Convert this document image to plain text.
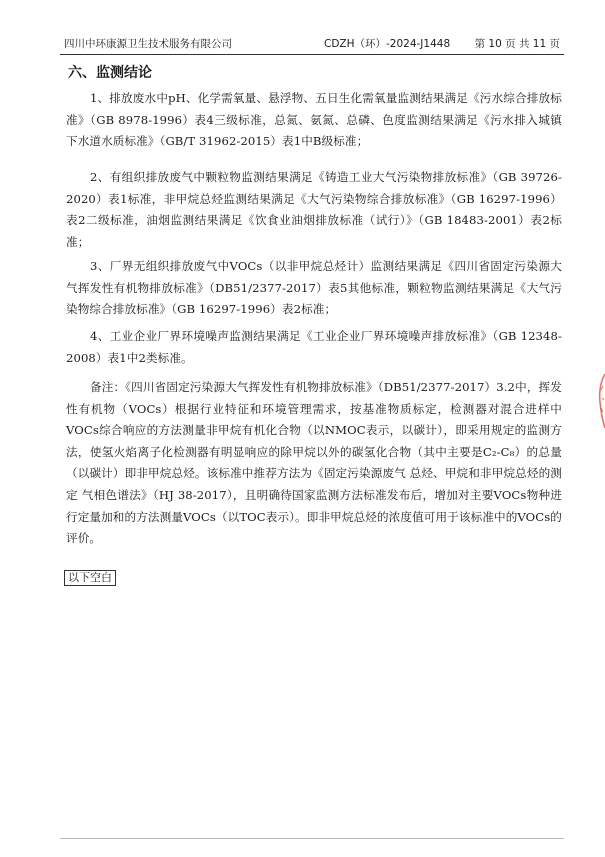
四川中环康源卫生技术服务有限公司	CDZH（环）-2024-J1448 第 10 页 共 11 页
六、监测结论

1、排放废水中pH、化学需氧量、悬浮物、五日生化需氧量监测结果满足《污水综合排放标准》（GB 8978-1996）表4三级标准，总氮、氨氮、总磷、色度监测结果满足《污水排入城镇下水道水质标准》（GB/T 31962-2015）表1中B级标准；

2、有组织排放废气中颗粒物监测结果满足《铸造工业大气污染物排放标准》（GB 39726-2020）表1标准，非甲烷总烃监测结果满足《大气污染物综合排放标准》（GB 16297-1996）表2二级标准，油烟监测结果满足《饮食业油烟排放标准（试行）》（GB 18483-2001）表2标准；

3、厂界无组织排放废气中VOCs（以非甲烷总烃计）监测结果满足《四川省固定污染源大气挥发性有机物排放标准》（DB51/2377-2017）表5其他标准，颗粒物监测结果满足《大气污染物综合排放标准》（GB 16297-1996）表2标准；

4、工业企业厂界环境噪声监测结果满足《工业企业厂界环境噪声排放标准》（GB 12348-2008）表1中2类标准。

备注：《四川省固定污染源大气挥发性有机物排放标准》（DB51/2377-2017）3.2中，挥发性有机物（VOCs）根据行业特征和环境管理需求，按基准物质标定，检测器对混合进样中VOCs综合响应的方法测量非甲烷有机化合物（以NMOC表示，以碳计），即采用规定的监测方法，使氢火焰离子化检测器有明显响应的除甲烷以外的碳氢化合物（其中主要是C₂-C₈）的总量（以碳计）即非甲烷总烃。该标准中推荐方法为《固定污染源废气 总烃、甲烷和非甲烷总烃的测定 气相色谱法》（HJ 38-2017），且明确待国家监测方法标准发布后，增加对主要VOCs物种进行定量加和的方法测量VOCs（以TOC表示）。即非甲烷总烃的浓度值可用于该标准中的VOCs的评价。

以下空白
